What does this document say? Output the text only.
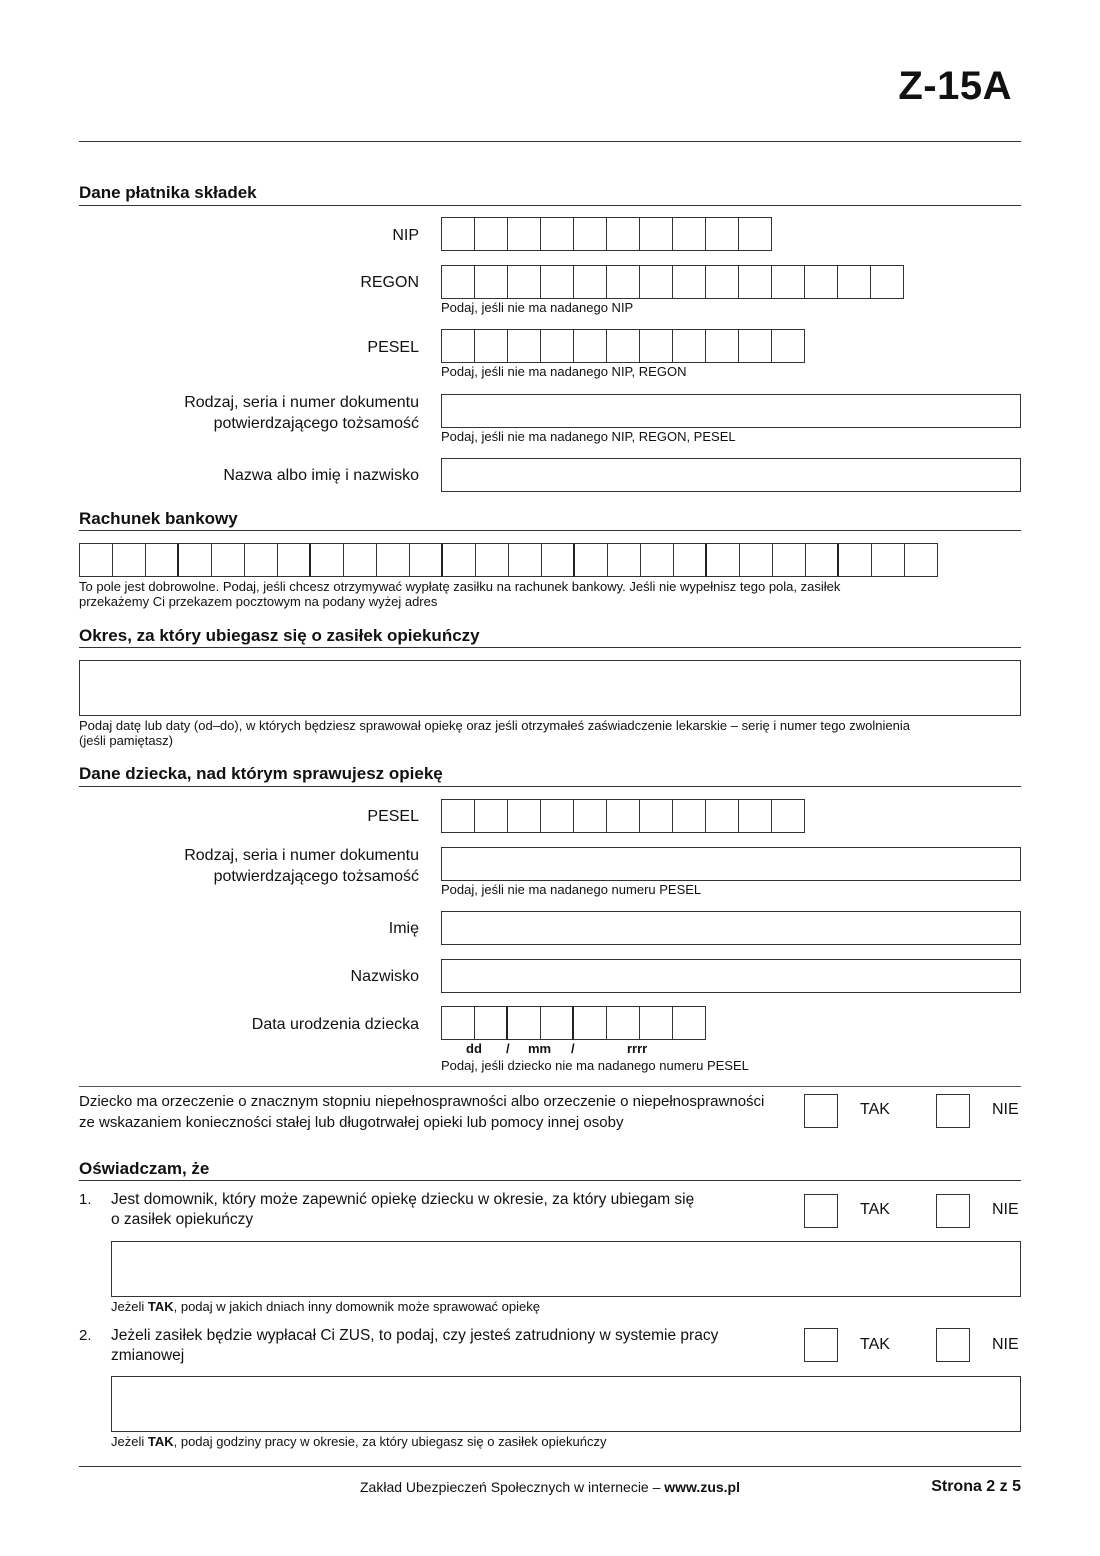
Z-15A
Dane płatnika składek
NIP
REGON
Podaj, jeśli nie ma nadanego NIP
PESEL
Podaj, jeśli nie ma nadanego NIP, REGON
Rodzaj, seria i numer dokumentu
potwierdzającego tożsamość
Podaj, jeśli nie ma nadanego NIP, REGON, PESEL
Nazwa albo imię i nazwisko
Rachunek bankowy
To pole jest dobrowolne. Podaj, jeśli chcesz otrzymywać wypłatę zasiłku na rachunek bankowy. Jeśli nie wypełnisz tego pola, zasiłek
przekażemy Ci przekazem pocztowym na podany wyżej adres
Okres, za który ubiegasz się o zasiłek opiekuńczy
Podaj datę lub daty (od–do), w których będziesz sprawował opiekę oraz jeśli otrzymałeś zaświadczenie lekarskie – serię i numer tego zwolnienia
(jeśli pamiętasz)
Dane dziecka, nad którym sprawujesz opiekę
PESEL
Rodzaj, seria i numer dokumentu
potwierdzającego tożsamość
Podaj, jeśli nie ma nadanego numeru PESEL
Imię
Nazwisko
Data urodzenia dziecka
dd / mm /	rrrr
Podaj, jeśli dziecko nie ma nadanego numeru PESEL
Dziecko ma orzeczenie o znacznym stopniu niepełnosprawności albo orzeczenie o niepełnosprawności
ze wskazaniem konieczności stałej lub długotrwałej opieki lub pomocy innej osoby
TAK	NIE
Oświadczam, że
1. Jest domownik, który może zapewnić opiekę dziecku w okresie, za który ubiegam się
o zasiłek opiekuńczy
TAK	NIE
Jeżeli TAK, podaj w jakich dniach inny domownik może sprawować opiekę
2. Jeżeli zasiłek będzie wypłacał Ci ZUS, to podaj, czy jesteś zatrudniony w systemie pracy
zmianowej
TAK	NIE
Jeżeli TAK, podaj godziny pracy w okresie, za który ubiegasz się o zasiłek opiekuńczy
Zakład Ubezpieczeń Społecznych w internecie – www.zus.pl	Strona 2 z 5
